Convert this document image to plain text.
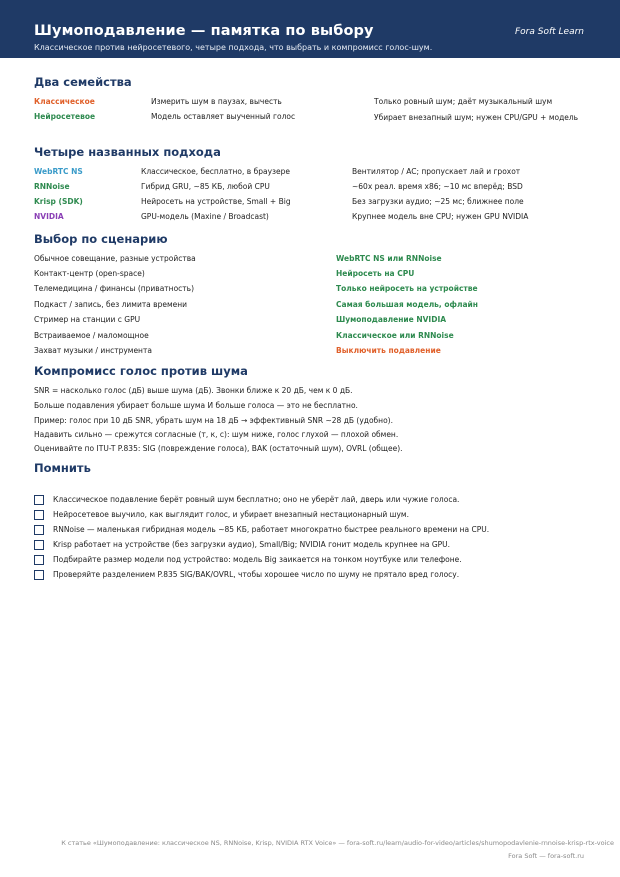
Шумоподавление — памятка по выбору	Fora Soft Learn
Классическое против нейросетевого, четыре подхода, что выбрать и компромисс голос-шум.
Два семейства
Классическое	Измерить шум в паузах, вычесть	Только ровный шум; даёт музыкальный шум
Нейросетевое	Модель оставляет выученный голос	Убирает внезапный шум; нужен CPU/GPU + модель
Четыре названных подхода
WebRTC NS	Классическое, бесплатно, в браузере	Вентилятор / AC; пропускает лай и грохот
RNNoise	Гибрид GRU, ~85 КБ, любой CPU	~60x реал. время x86; ~10 мс вперёд; BSD
Krisp (SDK)	Нейросеть на устройстве, Small + Big	Без загрузки аудио; ~25 мс; ближнее поле
NVIDIA	GPU-модель (Maxine / Broadcast)	Крупнее модель вне CPU; нужен GPU NVIDIA
Выбор по сценарию
Обычное совещание, разные устройства	WebRTC NS или RNNoise
Контакт-центр (open-space)	Нейросеть на CPU
Телемедицина / финансы (приватность)	Только нейросеть на устройстве
Подкаст / запись, без лимита времени	Самая большая модель, офлайн
Стример на станции с GPU	Шумоподавление NVIDIA
Встраиваемое / маломощное	Классическое или RNNoise
Захват музыки / инструмента	Выключить подавление
Компромисс голос против шума
SNR = насколько голос (дБ) выше шума (дБ). Звонки ближе к 20 дБ, чем к 0 дБ.
Больше подавления убирает больше шума И больше голоса — это не бесплатно.
Пример: голос при 10 дБ SNR, убрать шум на 18 дБ → эффективный SNR ~28 дБ (удобно).
Надавить сильно — срежутся согласные (т, к, с): шум ниже, голос глухой — плохой обмен.
Оценивайте по ITU-T P.835: SIG (повреждение голоса), BAK (остаточный шум), OVRL (общее).
Помнить
Классическое подавление берёт ровный шум бесплатно; оно не уберёт лай, дверь или чужие голоса.
Нейросетевое выучило, как выглядит голос, и убирает внезапный нестационарный шум.
RNNoise — маленькая гибридная модель ~85 КБ, работает многократно быстрее реального времени на CPU.
Krisp работает на устройстве (без загрузки аудио), Small/Big; NVIDIA гонит модель крупнее на GPU.
Подбирайте размер модели под устройство: модель Big заикается на тонком ноутбуке или телефоне.
Проверяйте разделением P.835 SIG/BAK/OVRL, чтобы хорошее число по шуму не прятало вред голосу.
К статье «Шумоподавление: классическое NS, RNNoise, Krisp, NVIDIA RTX Voice» — fora-soft.ru/learn/audio-for-video/articles/shumopodavlenie-rnnoise-krisp-rtx-voice
Fora Soft — fora-soft.ru
